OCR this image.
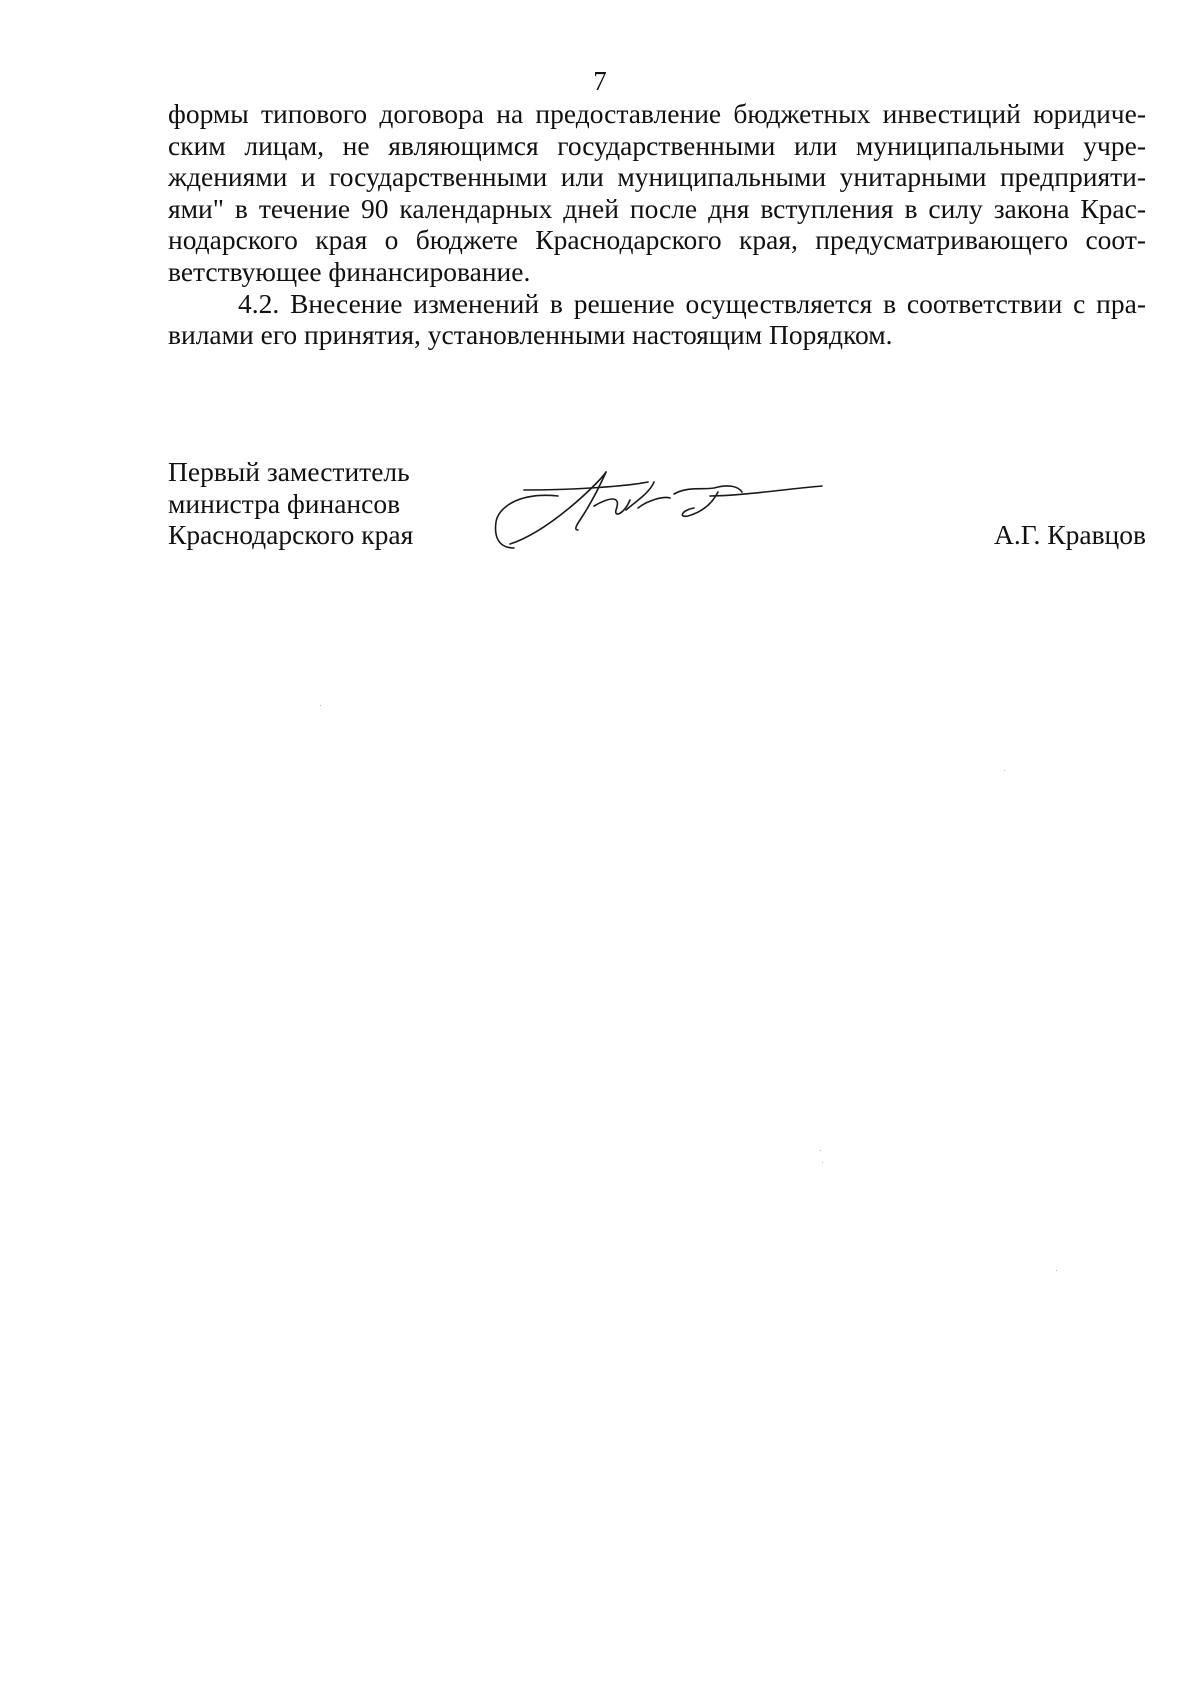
7
формы типового договора на предоставление бюджетных инвестиций юридиче-
ским лицам, не являющимся государственными или муниципальными учре-
ждениями и государственными или муниципальными унитарными предприяти-
ями" в течение 90 календарных дней после дня вступления в силу закона Крас-
нодарского края о бюджете Краснодарского края, предусматривающего соот-
ветствующее финансирование.
4.2. Внесение изменений в решение осуществляется в соответствии с пра-
вилами его принятия, установленными настоящим Порядком.
Первый заместитель
министра финансов
Краснодарского края	А.Г. Кравцов
